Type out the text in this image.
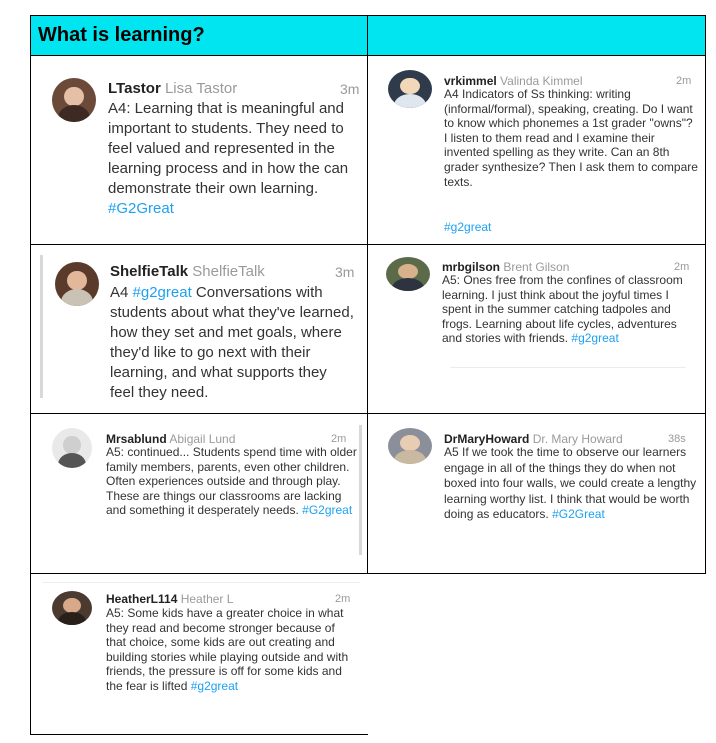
What is learning?
LTastor Lisa Tastor	3m
A4: Learning that is meaningful and important to students. They need to feel valued and represented in the learning process and in how the can demonstrate their own learning. #G2Great
vrkimmel Valinda Kimmel	2m
A4 Indicators of Ss thinking: writing (informal/formal), speaking, creating. Do I want to know which phonemes a 1st grader "owns"? I listen to them read and I examine their invented spelling as they write. Can an 8th grader synthesize? Then I ask them to compare texts.
#g2great
ShelfieTalk ShelfieTalk	3m
A4 #g2great Conversations with students about what they've learned, how they set and met goals, where they'd like to go next with their learning, and what supports they feel they need.
mrbgilson Brent Gilson	2m
A5: Ones free from the confines of classroom learning. I just think about the joyful times I spent in the summer catching tadpoles and frogs. Learning about life cycles, adventures and stories with friends. #g2great
Mrsablund Abigail Lund	2m
A5: continued... Students spend time with older family members, parents, even other children. Often experiences outside and through play. These are things our classrooms are lacking and something it desperately needs. #G2great
DrMaryHoward Dr. Mary Howard	38s
A5 If we took the time to observe our learners engage in all of the things they do when not boxed into four walls, we could create a lengthy learning worthy list. I think that would be worth doing as educators. #G2Great
HeatherL114 Heather L	2m
A5: Some kids have a greater choice in what they read and become stronger because of that choice, some kids are out creating and building stories while playing outside and with friends, the pressure is off for some kids and the fear is lifted #g2great
